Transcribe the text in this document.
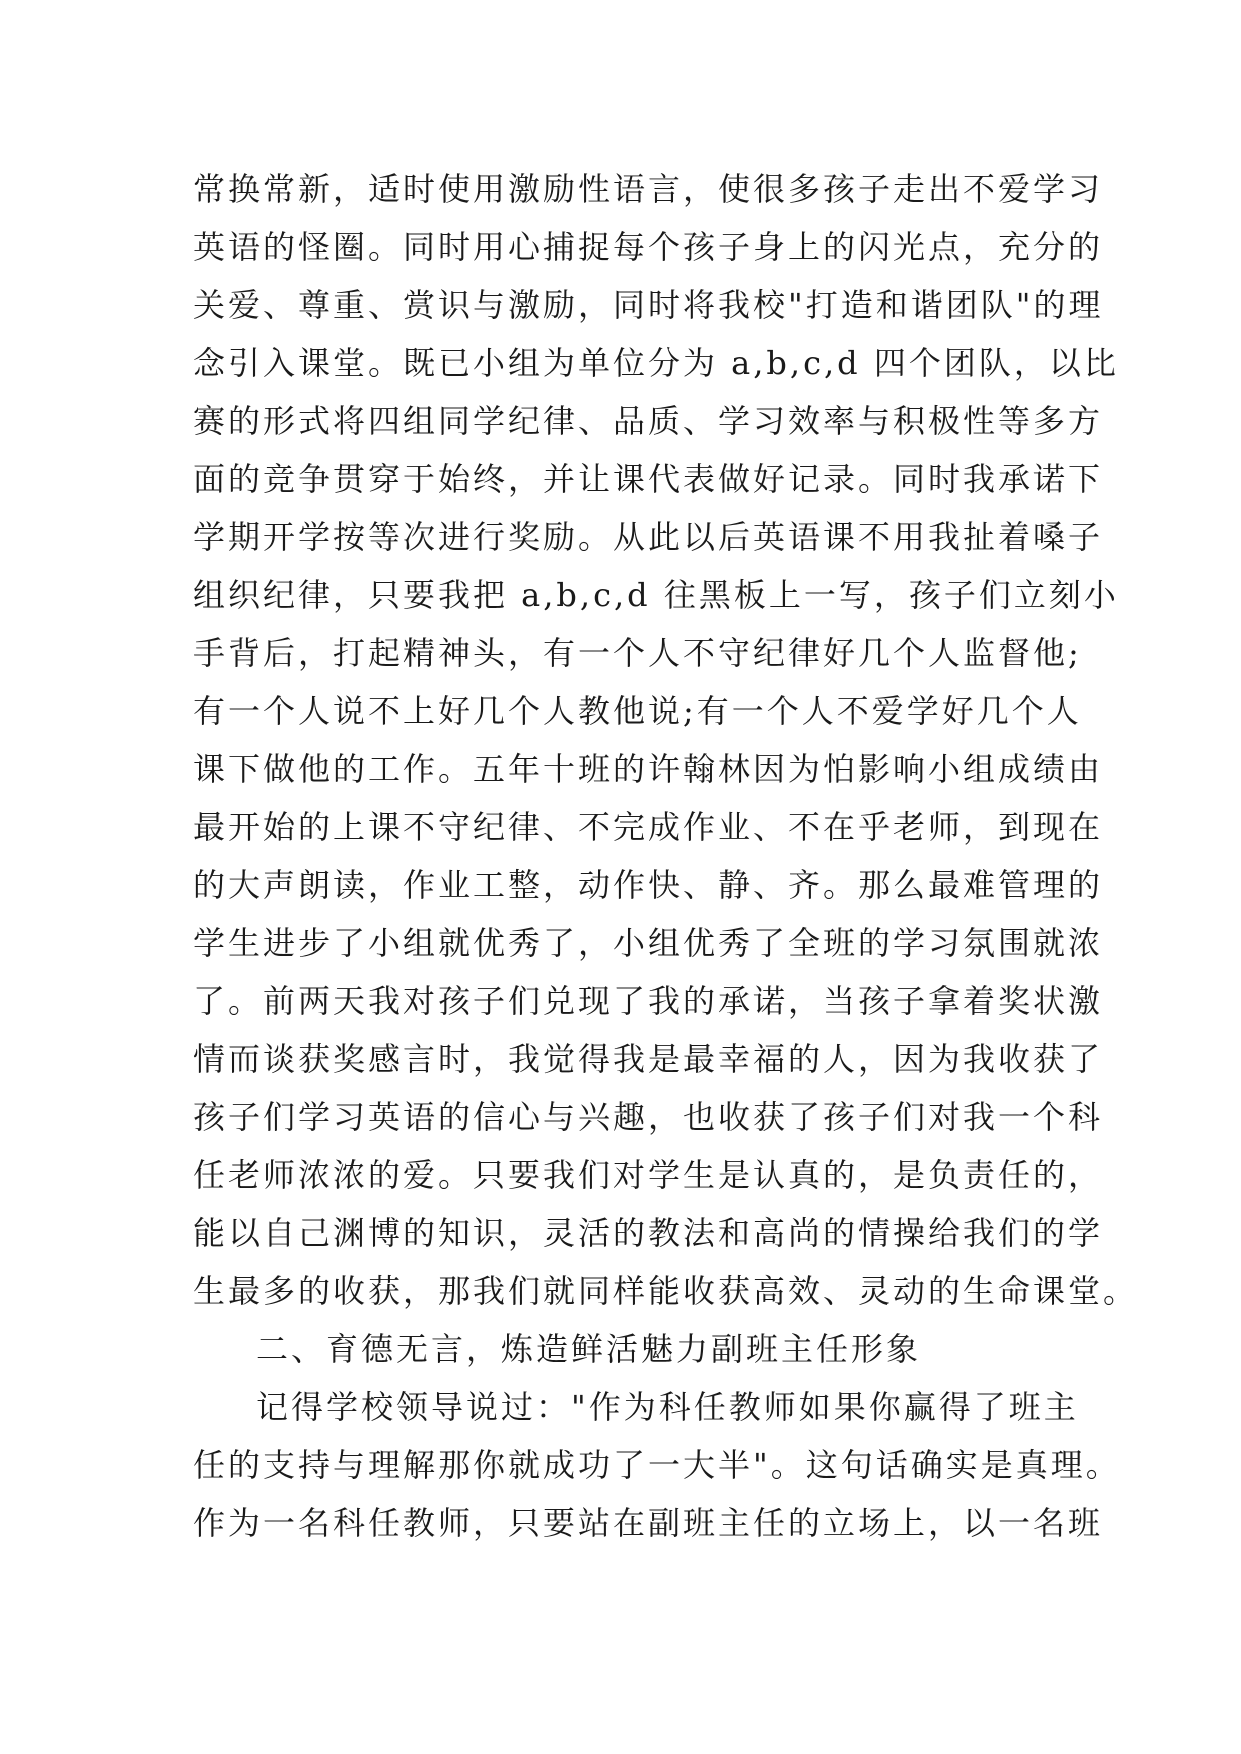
常换常新，适时使用激励性语言，使很多孩子走出不爱学习
英语的怪圈。同时用心捕捉每个孩子身上的闪光点，充分的
关爱、尊重、赏识与激励，同时将我校"打造和谐团队"的理
念引入课堂。既已小组为单位分为 a,b,c,d 四个团队，以比
赛的形式将四组同学纪律、品质、学习效率与积极性等多方
面的竞争贯穿于始终，并让课代表做好记录。同时我承诺下
学期开学按等次进行奖励。从此以后英语课不用我扯着嗓子
组织纪律，只要我把 a,b,c,d 往黑板上一写，孩子们立刻小
手背后，打起精神头，有一个人不守纪律好几个人监督他;
有一个人说不上好几个人教他说;有一个人不爱学好几个人
课下做他的工作。五年十班的许翰林因为怕影响小组成绩由
最开始的上课不守纪律、不完成作业、不在乎老师，到现在
的大声朗读，作业工整，动作快、静、齐。那么最难管理的
学生进步了小组就优秀了，小组优秀了全班的学习氛围就浓
了。前两天我对孩子们兑现了我的承诺，当孩子拿着奖状激
情而谈获奖感言时，我觉得我是最幸福的人，因为我收获了
孩子们学习英语的信心与兴趣，也收获了孩子们对我一个科
任老师浓浓的爱。只要我们对学生是认真的，是负责任的，
能以自己渊博的知识，灵活的教法和高尚的情操给我们的学
生最多的收获，那我们就同样能收获高效、灵动的生命课堂。
二、育德无言，炼造鲜活魅力副班主任形象
记得学校领导说过："作为科任教师如果你赢得了班主
任的支持与理解那你就成功了一大半"。这句话确实是真理。
作为一名科任教师，只要站在副班主任的立场上，以一名班
